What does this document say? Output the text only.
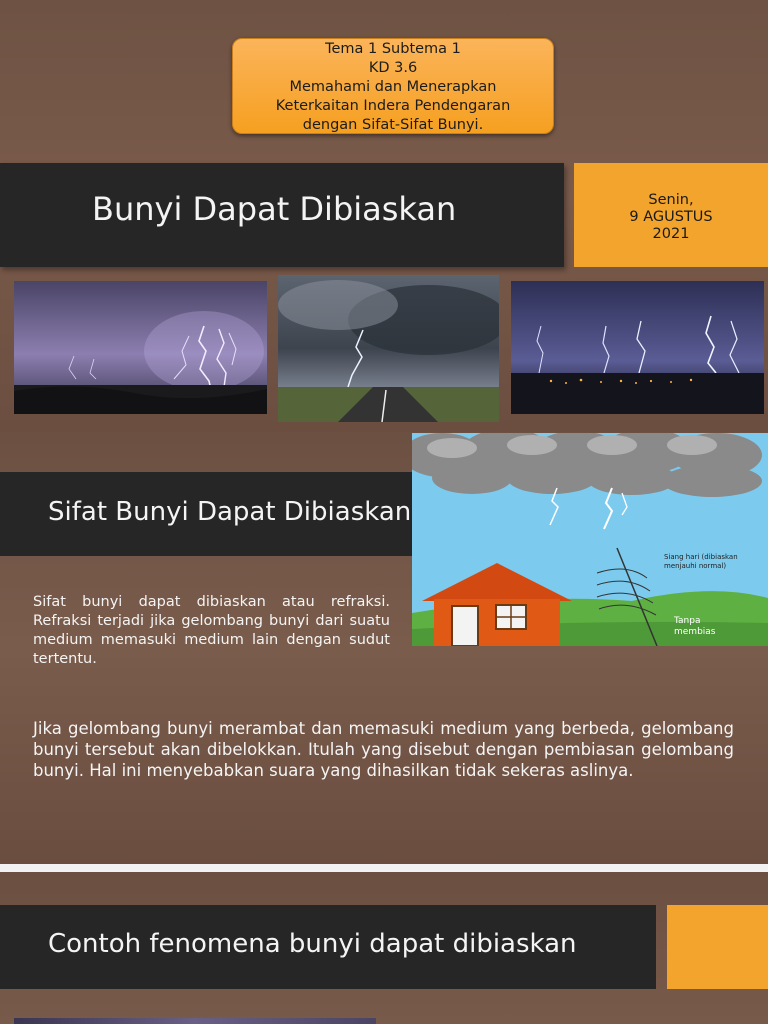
Tema 1 Subtema 1
KD 3.6
Memahami dan Menerapkan
Keterkaitan Indera Pendengaran
dengan Sifat-Sifat Bunyi.
Bunyi Dapat Dibiaskan	Senin,
9 AGUSTUS
2021
Sifat Bunyi Dapat Dibiaskan
Siang hari (dibiaskan menjauhi normal)
Tanpa membias
Sifat bunyi dapat dibiaskan atau refraksi. Refraksi terjadi jika gelombang bunyi dari suatu medium memasuki medium lain dengan sudut tertentu.
Jika gelombang bunyi merambat dan memasuki medium yang berbeda, gelombang bunyi tersebut akan dibelokkan. Itulah yang disebut dengan pembiasan gelombang bunyi. Hal ini menyebabkan suara yang dihasilkan tidak sekeras aslinya.
Contoh fenomena bunyi dapat dibiaskan
